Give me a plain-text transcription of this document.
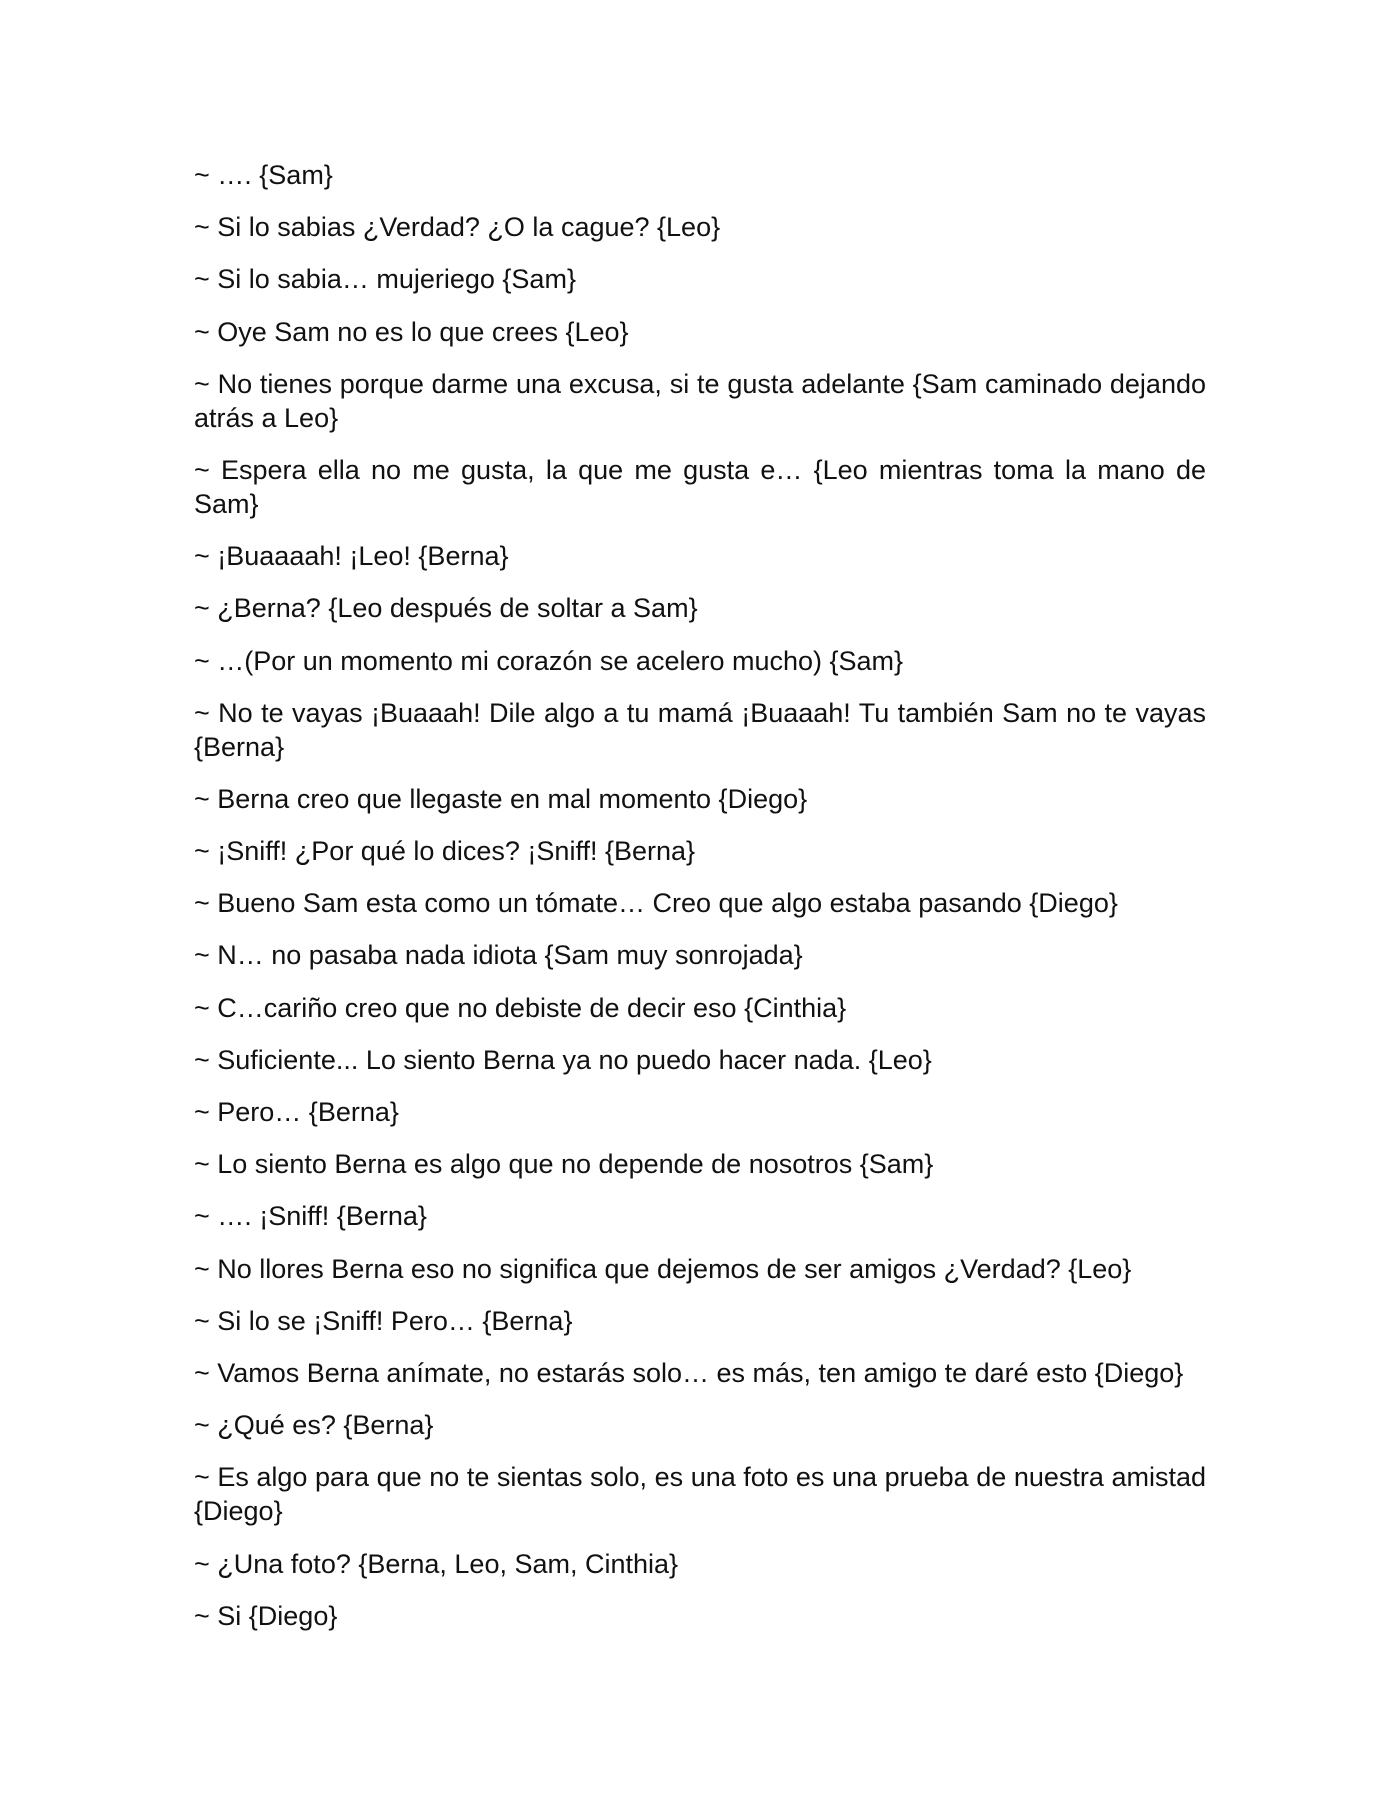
~ …. {Sam}

~ Si lo sabias ¿Verdad? ¿O la cague? {Leo}

~ Si lo sabia… mujeriego {Sam}

~ Oye Sam no es lo que crees {Leo}

~ No tienes porque darme una excusa, si te gusta adelante {Sam caminado dejando atrás a Leo}

~ Espera ella no me gusta, la que me gusta e… {Leo mientras toma la mano de Sam}

~ ¡Buaaaah! ¡Leo! {Berna}

~ ¿Berna? {Leo después de soltar a Sam}

~ …(Por un momento mi corazón se acelero mucho) {Sam}

~ No te vayas ¡Buaaah! Dile algo a tu mamá ¡Buaaah! Tu también Sam no te vayas {Berna}

~ Berna creo que llegaste en mal momento {Diego}

~ ¡Sniff! ¿Por qué lo dices? ¡Sniff! {Berna}

~ Bueno Sam esta como un tómate… Creo que algo estaba pasando {Diego}

~ N… no pasaba nada idiota {Sam muy sonrojada}

~ C…cariño creo que no debiste de decir eso {Cinthia}

~ Suficiente... Lo siento Berna ya no puedo hacer nada. {Leo}

~ Pero… {Berna}

~ Lo siento Berna es algo que no depende de nosotros {Sam}

~ …. ¡Sniff! {Berna}

~ No llores Berna eso no significa que dejemos de ser amigos ¿Verdad? {Leo}

~ Si lo se ¡Sniff! Pero… {Berna}

~ Vamos Berna anímate, no estarás solo… es más, ten amigo te daré esto {Diego}

~ ¿Qué es? {Berna}

~ Es algo para que no te sientas solo, es una foto es una prueba de nuestra amistad {Diego}

~ ¿Una foto? {Berna, Leo, Sam, Cinthia}

~ Si {Diego}
